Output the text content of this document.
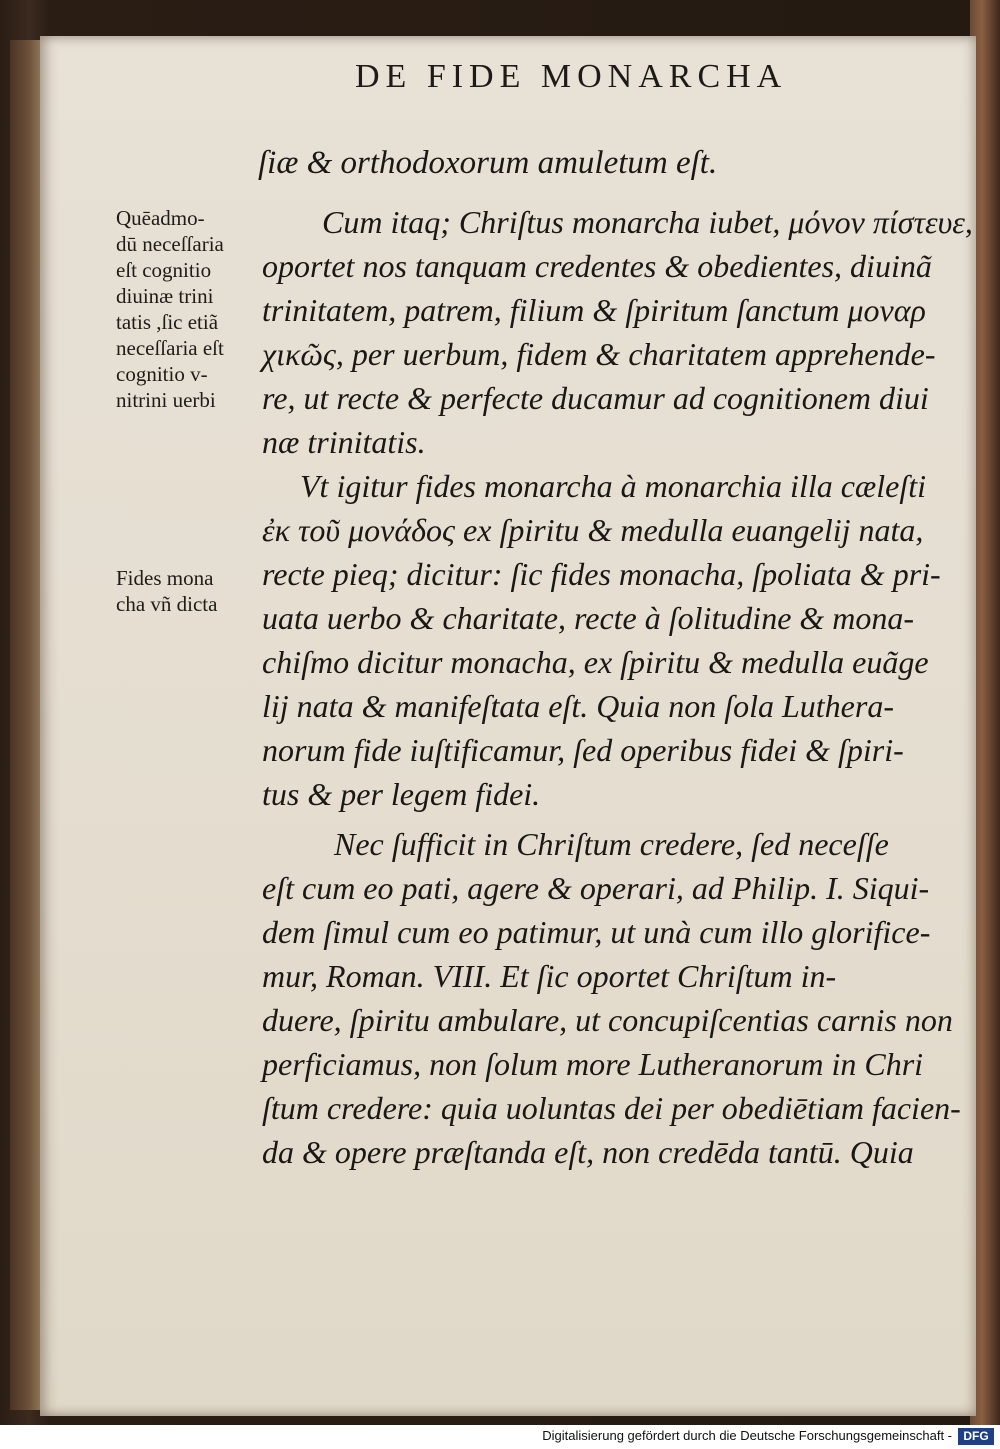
DE FIDE MONARCHA
ſiæ & orthodoxorum amuletum eſt.
Quēadmo-
dū neceſſaria
eſt cognitio
diuinæ trini
tatis ,ſic etiã
neceſſaria eſt
cognitio v-
nitrini uerbi
Fides mona
cha vñ dicta
Cum itaq; Chriſtus monarcha iubet, μόνον πίστευε,
oportet nos tanquam credentes & obedientes, diuinã
trinitatem, patrem, filium & ſpiritum ſanctum μοναρ
χικῶς, per uerbum, fidem & charitatem apprehende-
re, ut recte & perfecte ducamur ad cognitionem diui
næ trinitatis.
Vt igitur fides monarcha à monarchia illa cæleſti
ἐκ τοῦ μονάδος ex ſpiritu & medulla euangelij nata,
recte pieq; dicitur: ſic fides monacha, ſpoliata & pri-
uata uerbo & charitate, recte à ſolitudine & mona-
chiſmo dicitur monacha, ex ſpiritu & medulla euãge
lij nata & manifeſtata eſt. Quia non ſola Luthera-
norum fide iuſtificamur, ſed operibus fidei & ſpiri-
tus & per legem fidei.
Nec ſufficit in Chriſtum credere, ſed neceſſe
eſt cum eo pati, agere & operari, ad Philip. I. Siqui-
dem ſimul cum eo patimur, ut unà cum illo glorifice-
mur, Roman. VIII. Et ſic oportet Chriſtum in-
duere, ſpiritu ambulare, ut concupiſcentias carnis non
perficiamus, non ſolum more Lutheranorum in Chri
ſtum credere: quia uoluntas dei per obediētiam facien-
da & opere præſtanda eſt, non credēda tantū. Quia
Digitalisierung gefördert durch die Deutsche Forschungsgemeinschaft - DFG
